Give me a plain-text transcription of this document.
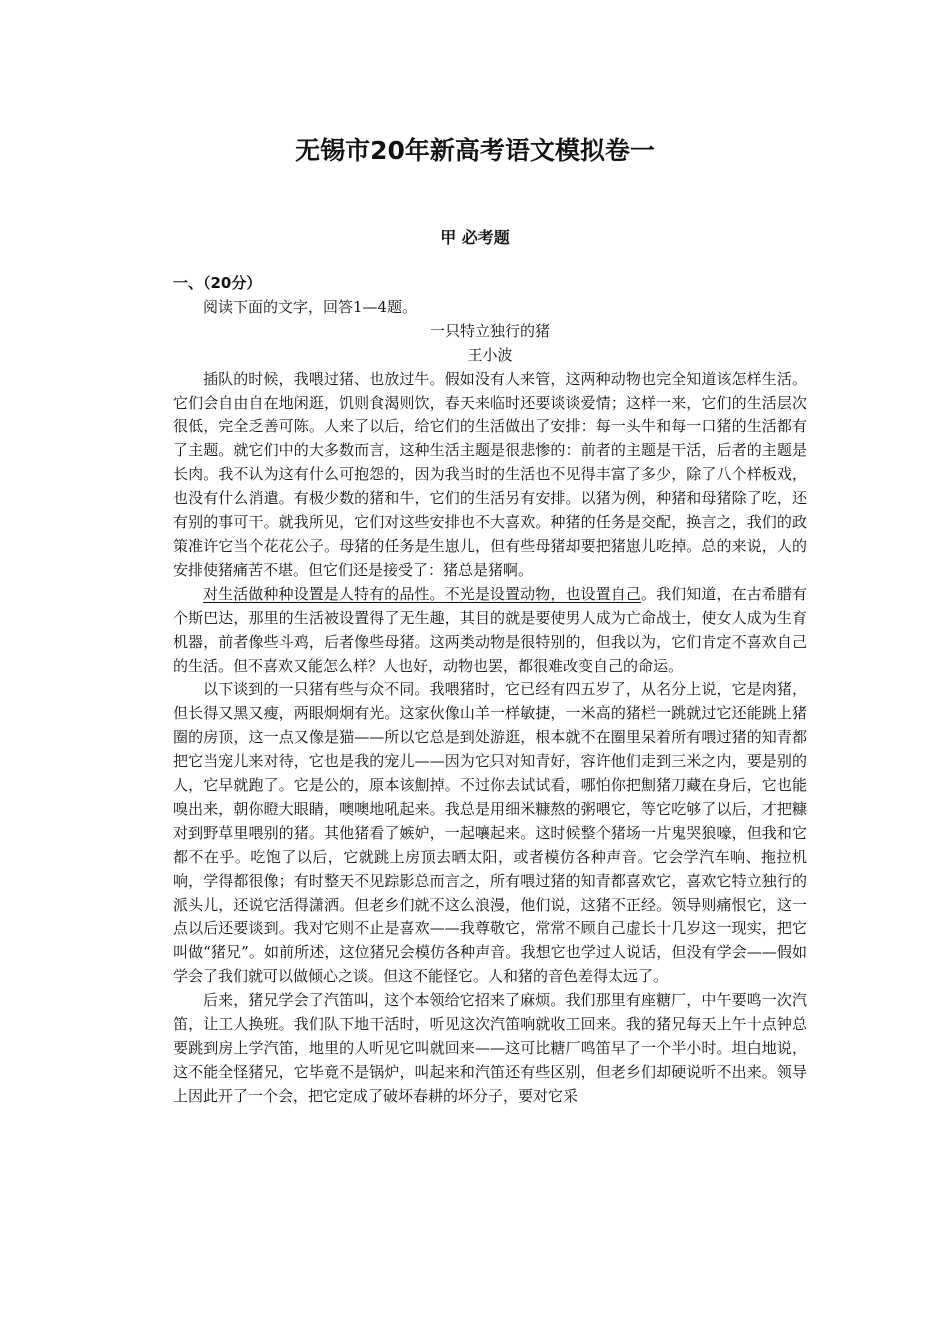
无锡市20年新高考语文模拟卷一
甲 必考题
一、（20分）

阅读下面的文字，回答1—4题。

一只特立独行的猪

王小波

插队的时候，我喂过猪、也放过牛。假如没有人来管，这两种动物也完全知道该怎样生活。它们会自由自在地闲逛，饥则食渴则饮，春天来临时还要谈谈爱情；这样一来，它们的生活层次很低，完全乏善可陈。人来了以后，给它们的生活做出了安排：每一头牛和每一口猪的生活都有了主题。就它们中的大多数而言，这种生活主题是很悲惨的：前者的主题是干活，后者的主题是长肉。我不认为这有什么可抱怨的，因为我当时的生活也不见得丰富了多少，除了八个样板戏，也没有什么消遣。有极少数的猪和牛，它们的生活另有安排。以猪为例，种猪和母猪除了吃，还有别的事可干。就我所见，它们对这些安排也不大喜欢。种猪的任务是交配，换言之，我们的政策准许它当个花花公子。母猪的任务是生崽儿，但有些母猪却要把猪崽儿吃掉。总的来说，人的安排使猪痛苦不堪。但它们还是接受了：猪总是猪啊。

对生活做种种设置是人特有的品性。不光是设置动物，也设置自己。我们知道，在古希腊有个斯巴达，那里的生活被设置得了无生趣，其目的就是要使男人成为亡命战士，使女人成为生育机器，前者像些斗鸡，后者像些母猪。这两类动物是很特别的，但我以为，它们肯定不喜欢自己的生活。但不喜欢又能怎么样？人也好，动物也罢，都很难改变自己的命运。

以下谈到的一只猪有些与众不同。我喂猪时，它已经有四五岁了，从名分上说，它是肉猪，但长得又黑又瘦，两眼炯炯有光。这家伙像山羊一样敏捷，一米高的猪栏一跳就过它还能跳上猪圈的房顶，这一点又像是猫——所以它总是到处游逛，根本就不在圈里呆着所有喂过猪的知青都把它当宠儿来对待，它也是我的宠儿——因为它只对知青好，容许他们走到三米之内，要是别的人，它早就跑了。它是公的，原本该劁掉。不过你去试试看，哪怕你把劁猪刀藏在身后，它也能嗅出来，朝你瞪大眼睛，噢噢地吼起来。我总是用细米糠熬的粥喂它，等它吃够了以后，才把糠对到野草里喂别的猪。其他猪看了嫉妒，一起嚷起来。这时候整个猪场一片鬼哭狼嚎，但我和它都不在乎。吃饱了以后，它就跳上房顶去晒太阳，或者模仿各种声音。它会学汽车响、拖拉机响，学得都很像；有时整天不见踪影总而言之，所有喂过猪的知青都喜欢它，喜欢它特立独行的派头儿，还说它活得潇洒。但老乡们就不这么浪漫，他们说，这猪不正经。领导则痛恨它，这一点以后还要谈到。我对它则不止是喜欢——我尊敬它，常常不顾自己虚长十几岁这一现实，把它叫做“猪兄”。如前所述，这位猪兄会模仿各种声音。我想它也学过人说话，但没有学会——假如学会了我们就可以做倾心之谈。但这不能怪它。人和猪的音色差得太远了。

后来，猪兄学会了汽笛叫，这个本领给它招来了麻烦。我们那里有座糖厂，中午要鸣一次汽笛，让工人换班。我们队下地干活时，听见这次汽笛响就收工回来。我的猪兄每天上午十点钟总要跳到房上学汽笛，地里的人听见它叫就回来——这可比糖厂鸣笛早了一个半小时。坦白地说，这不能全怪猪兄，它毕竟不是锅炉，叫起来和汽笛还有些区别，但老乡们却硬说听不出来。领导上因此开了一个会，把它定成了破坏春耕的坏分子，要对它采
